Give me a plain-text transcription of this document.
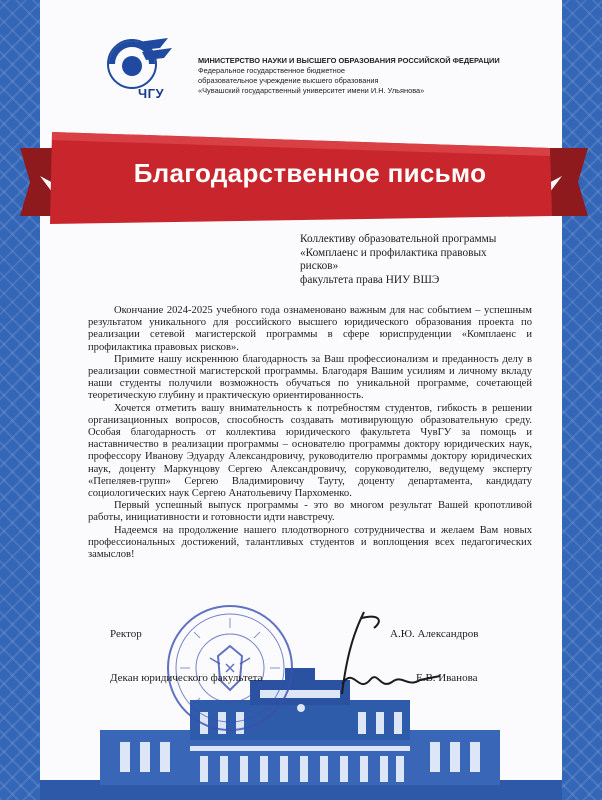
ЧГУ
МИНИСТЕРСТВО НАУКИ И ВЫСШЕГО ОБРАЗОВАНИЯ РОССИЙСКОЙ ФЕДЕРАЦИИ
Федеральное государственное бюджетное
образовательное учреждение высшего образования
«Чувашский государственный университет имени И.Н. Ульянова»
Благодарственное письмо
Коллективу образовательной программы
«Комплаенс и профилактика правовых
рисков»
факультета права НИУ ВШЭ

Окончание 2024-2025 учебного года ознаменовано важным для нас событием – успешным результатом уникального для российского высшего юридического образования проекта по реализации сетевой магистерской программы в сфере юриспруденции «Комплаенс и профилактика правовых рисков».

Примите нашу искреннюю благодарность за Ваш профессионализм и преданность делу в реализации совместной магистерской программы. Благодаря Вашим усилиям и личному вкладу наши студенты получили возможность обучаться по уникальной программе, сочетающей теоретическую глубину и практическую ориентированность.

Хочется отметить вашу внимательность к потребностям студентов, гибкость в решении организационных вопросов, способность создавать мотивирующую образовательную среду. Особая благодарность от коллектива юридического факультета ЧувГУ за помощь и наставничество в реализации программы – основателю программы доктору юридических наук, профессору Иванову Эдуарду Александровичу, руководителю программы доктору юридических наук, доценту Маркунцову Сергею Александровичу, соруководителю, ведущему эксперту «Пепеляев-групп» Сергею Владимировичу Тауту, доценту департамента, кандидату социологических наук Сергею Анатольевичу Пархоменко.

Первый успешный выпуск программы - это во многом результат Вашей кропотливой работы, инициативности и готовности идти навстречу.

Надеемся на продолжение нашего плодотворного сотрудничества и желаем Вам новых профессиональных достижений, талантливых студентов и воплощения всех педагогических замыслов!

Ректор	А.Ю. Александров
Декан юридического факультета	Е.В. Иванова
